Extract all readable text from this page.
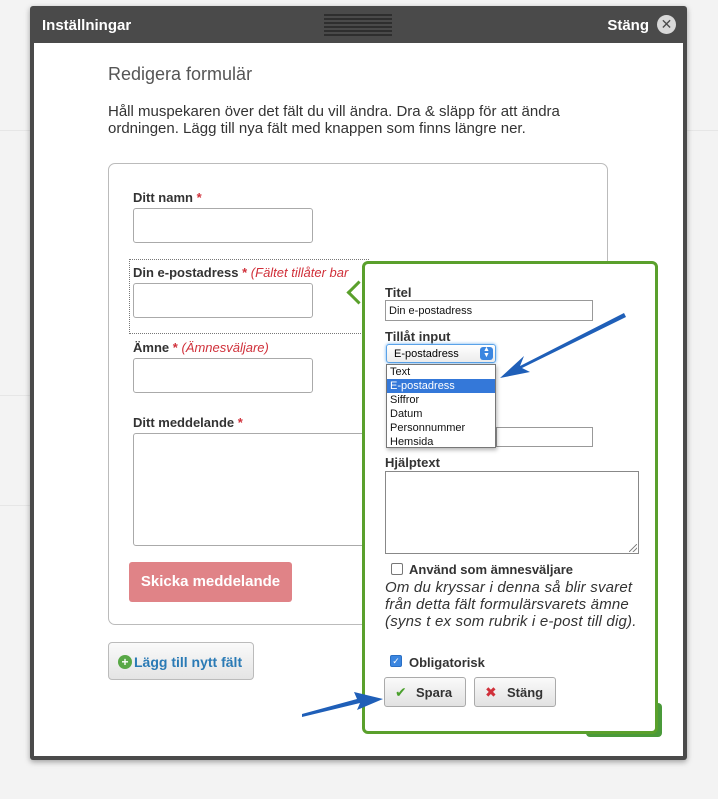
Inställningar	Stäng ✕
Redigera formulär
Håll muspekaren över det fält du vill ändra. Dra & släpp för att ändra ordningen. Lägg till nya fält med knappen som finns längre ner.
Ditt namn *
Din e-postadress * (Fältet tillåter bar
Ämne * (Ämnesväljare)
Ditt meddelande *
Skicka meddelande
+ Lägg till nytt fält
Titel
Din e-postadress
Tillåt input
E-postadress	▲
▼
Text
E-postadress
Siffror
Datum
Personnummer
Hemsida
Hjälptext
Använd som ämnesväljare
Om du kryssar i denna så blir svaret från detta fält formulärsvarets ämne (syns t ex som rubrik i e-post till dig).
✓ Obligatorisk
✔ Spara ✖ Stäng
